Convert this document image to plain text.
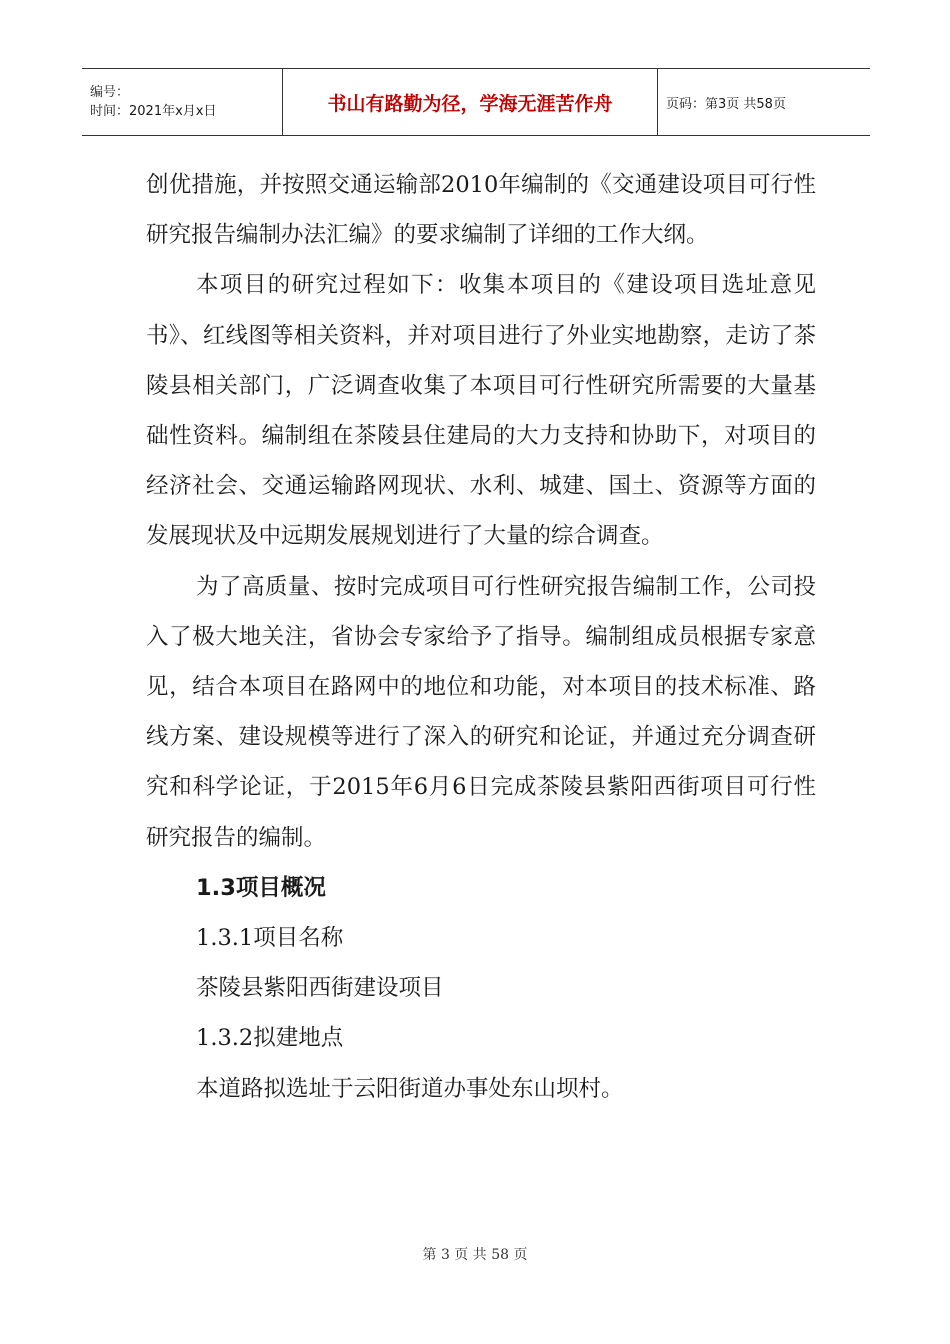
编号：
时间：2021年x月x日	书山有路勤为径，学海无涯苦作舟	页码：第3页 共58页

创优措施，并按照交通运输部2010年编制的《交通建设项目可行性研究报告编制办法汇编》的要求编制了详细的工作大纲。

本项目的研究过程如下：收集本项目的《建设项目选址意见书》、红线图等相关资料，并对项目进行了外业实地勘察，走访了茶陵县相关部门，广泛调查收集了本项目可行性研究所需要的大量基础性资料。编制组在茶陵县住建局的大力支持和协助下，对项目的经济社会、交通运输路网现状、水利、城建、国土、资源等方面的发展现状及中远期发展规划进行了大量的综合调查。

为了高质量、按时完成项目可行性研究报告编制工作，公司投入了极大地关注，省协会专家给予了指导。编制组成员根据专家意见，结合本项目在路网中的地位和功能，对本项目的技术标准、路线方案、建设规模等进行了深入的研究和论证，并通过充分调查研究和科学论证，于2015年6月6日完成茶陵县紫阳西街项目可行性研究报告的编制。

1.3项目概况

1.3.1项目名称

茶陵县紫阳西街建设项目

1.3.2拟建地点

本道路拟选址于云阳街道办事处东山坝村。

第 3 页 共 58 页
